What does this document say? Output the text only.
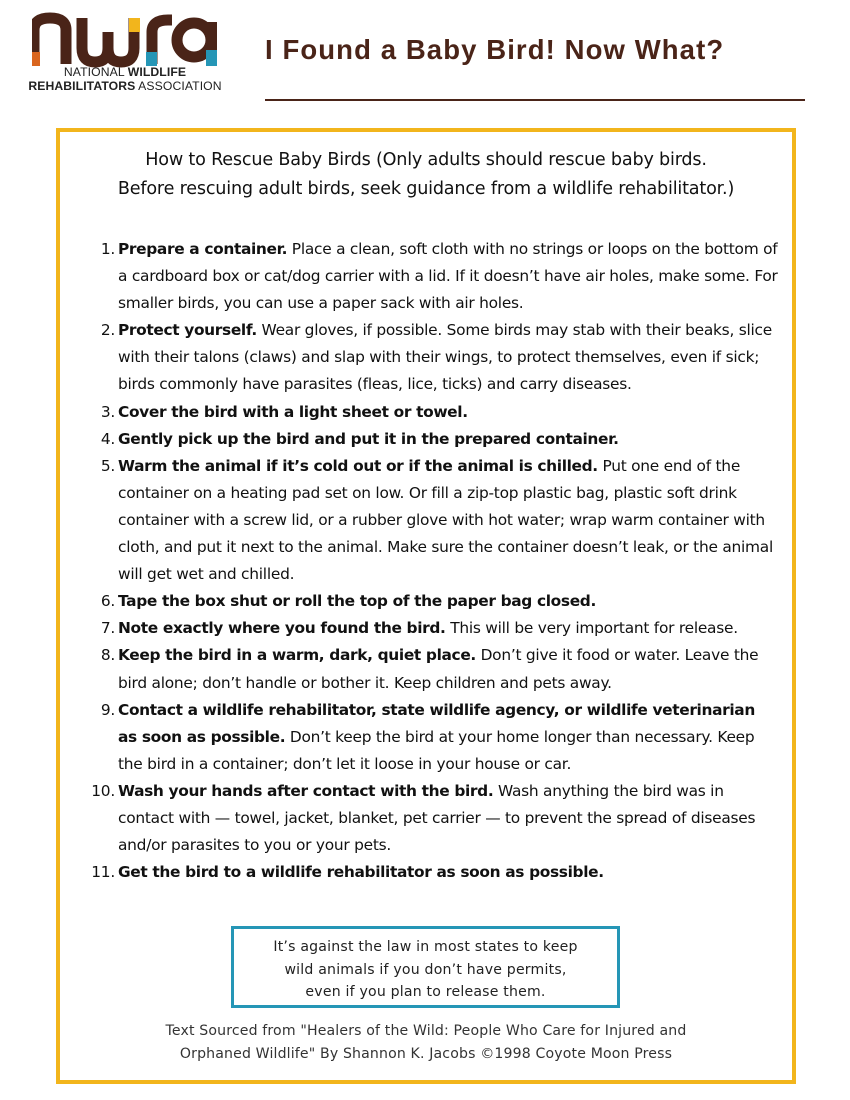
NATIONAL WILDLIFE
REHABILITATORS ASSOCIATION
I Found a Baby Bird! Now What?
How to Rescue Baby Birds (Only adults should rescue baby birds.
Before rescuing adult birds, seek guidance from a wildlife rehabilitator.)
1. Prepare a container. Place a clean, soft cloth with no strings or loops on the bottom of a cardboard box or cat/dog carrier with a lid. If it doesn’t have air holes, make some. For smaller birds, you can use a paper sack with air holes.
2. Protect yourself. Wear gloves, if possible. Some birds may stab with their beaks, slice with their talons (claws) and slap with their wings, to protect themselves, even if sick; birds commonly have parasites (fleas, lice, ticks) and carry diseases.
3. Cover the bird with a light sheet or towel.
4. Gently pick up the bird and put it in the prepared container.
5. Warm the animal if it’s cold out or if the animal is chilled. Put one end of the container on a heating pad set on low. Or fill a zip-top plastic bag, plastic soft drink container with a screw lid, or a rubber glove with hot water; wrap warm container with cloth, and put it next to the animal. Make sure the container doesn’t leak, or the animal will get wet and chilled.
6. Tape the box shut or roll the top of the paper bag closed.
7. Note exactly where you found the bird. This will be very important for release.
8. Keep the bird in a warm, dark, quiet place. Don’t give it food or water. Leave the bird alone; don’t handle or bother it. Keep children and pets away.
9. Contact a wildlife rehabilitator, state wildlife agency, or wildlife veterinarian as soon as possible. Don’t keep the bird at your home longer than necessary. Keep the bird in a container; don’t let it loose in your house or car.
10. Wash your hands after contact with the bird. Wash anything the bird was in contact with — towel, jacket, blanket, pet carrier — to prevent the spread of diseases and/or parasites to you or your pets.
11. Get the bird to a wildlife rehabilitator as soon as possible.
It’s against the law in most states to keep
wild animals if you don’t have permits,
even if you plan to release them.
Text Sourced from "Healers of the Wild: People Who Care for Injured and
Orphaned Wildlife" By Shannon K. Jacobs ©1998 Coyote Moon Press
